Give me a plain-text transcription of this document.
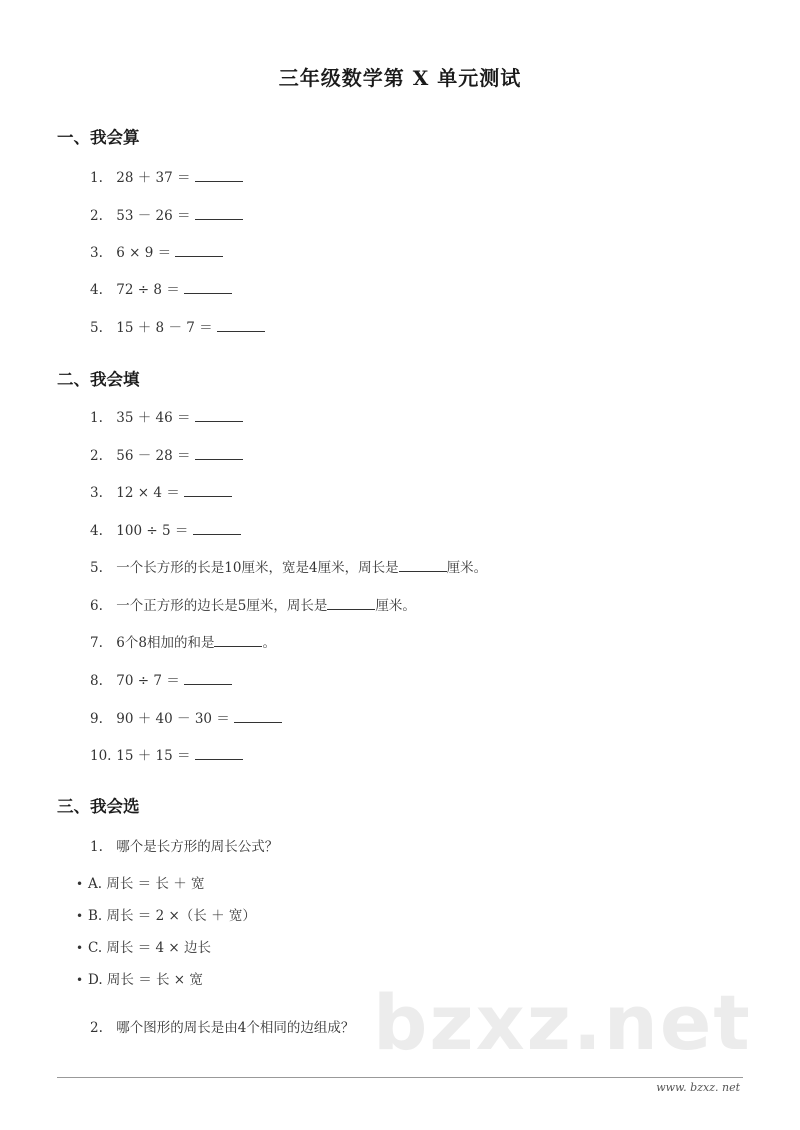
三年级数学第 X 单元测试
一、我会算
1. 28 ＋ 37 ＝
2. 53 － 26 ＝
3. 6 × 9 ＝
4. 72 ÷ 8 ＝
5. 15 ＋ 8 － 7 ＝
二、我会填
1. 35 ＋ 46 ＝
2. 56 － 28 ＝
3. 12 × 4 ＝
4. 100 ÷ 5 ＝
5. 一个长方形的长是10厘米，宽是4厘米，周长是	厘米。
6. 一个正方形的边长是5厘米，周长是	厘米。
7. 6个8相加的和是	。
8. 70 ÷ 7 ＝
9. 90 ＋ 40 － 30 ＝
10. 15 ＋ 15 ＝
三、我会选
1. 哪个是长方形的周长公式？
• A. 周长 ＝ 长 ＋ 宽
• B. 周长 ＝ 2 ×（长 ＋ 宽）
• C. 周长 ＝ 4 × 边长
• D. 周长 ＝ 长 × 宽
2. 哪个图形的周长是由4个相同的边组成？ bzxz.net
www. bzxz. net
